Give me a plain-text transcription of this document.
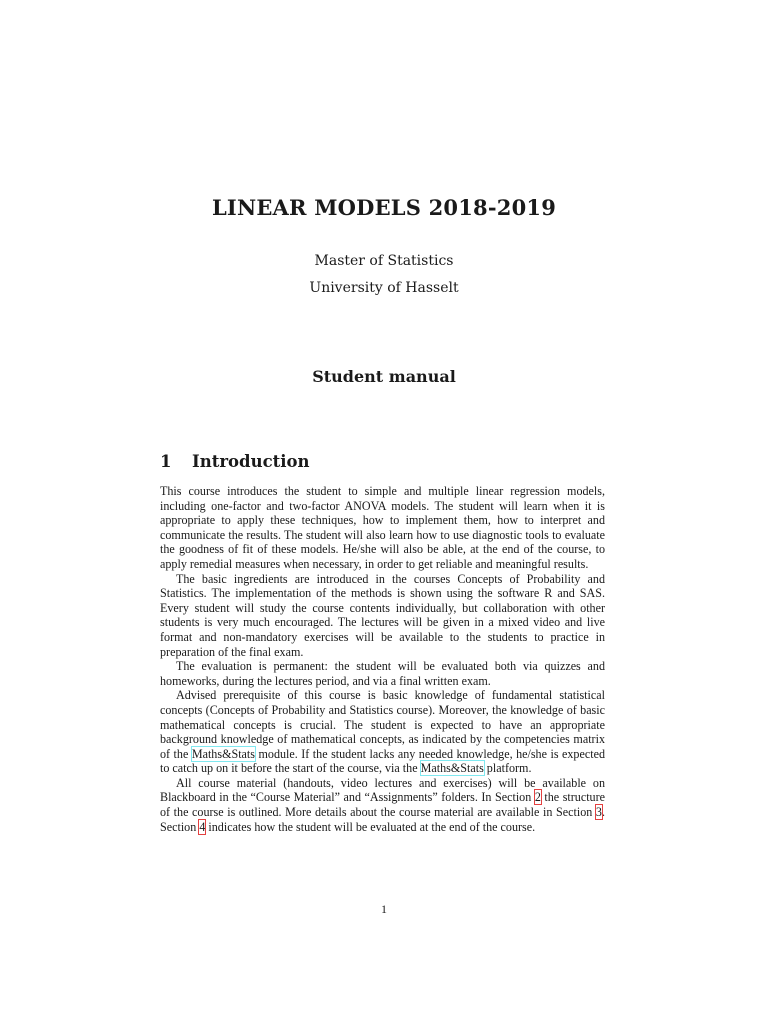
LINEAR MODELS 2018-2019
Master of Statistics
University of Hasselt
Student manual
1 Introduction

This course introduces the student to simple and multiple linear regression models, including one-factor and two-factor ANOVA models. The student will learn when it is appropriate to apply these techniques, how to implement them, how to interpret and communicate the results. The student will also learn how to use diagnostic tools to evaluate the goodness of fit of these models. He/she will also be able, at the end of the course, to apply remedial measures when necessary, in order to get reliable and meaningful results.

The basic ingredients are introduced in the courses Concepts of Probability and Statistics. The implementation of the methods is shown using the software R and SAS. Every student will study the course contents individually, but collaboration with other students is very much encouraged. The lectures will be given in a mixed video and live format and non-mandatory exercises will be available to the students to practice in preparation of the final exam.

The evaluation is permanent: the student will be evaluated both via quizzes and homeworks, during the lectures period, and via a final written exam.

Advised prerequisite of this course is basic knowledge of fundamental statistical concepts (Concepts of Probability and Statistics course). Moreover, the knowledge of basic mathematical concepts is crucial. The student is expected to have an appropriate background knowledge of mathematical concepts, as indicated by the competencies matrix of the Maths&Stats module. If the student lacks any needed knowledge, he/she is expected to catch up on it before the start of the course, via the Maths&Stats platform.

All course material (handouts, video lectures and exercises) will be available on Blackboard in the “Course Material” and “Assignments” folders. In Section 2 the structure of the course is outlined. More details about the course material are available in Section 3. Section 4 indicates how the student will be evaluated at the end of the course.

1
